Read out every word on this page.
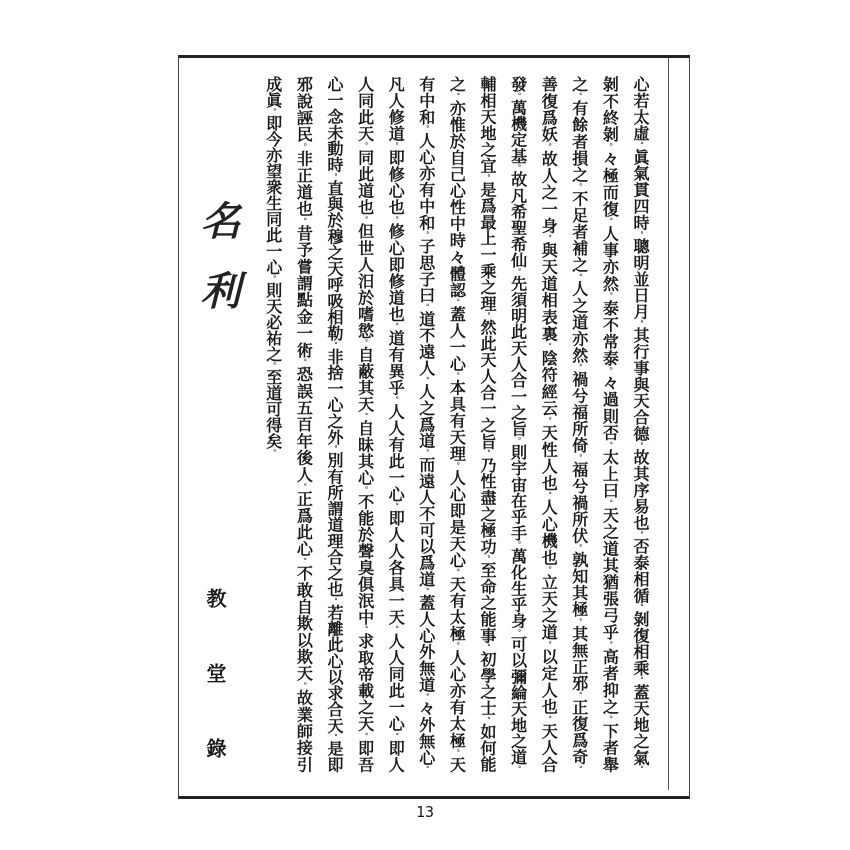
心若太虛。眞氣貫四時。聰明並日月。其行事與天合德。故其序易也。否泰相循。剝復相乘。蓋天地之氣。
剝不終剝。々極而復。人事亦然。泰不常泰。々過則否。太上曰。天之道其猶張弓乎。高者抑之。下者舉
之。有餘者損之。不足者補之。人之道亦然。禍兮福所倚。福兮禍所伏。孰知其極。其無正邪。正復爲奇。
善復爲妖。故人之一身。與天道相表裏。陰符經云。天性人也。人心機也。立天之道。以定人也。天人合
發。萬機定基。故凡希聖希仙。先須明此天人合一之旨。則宇宙在乎手。萬化生乎身。可以彌綸天地之道。
輔相天地之宜。是爲最上一乘之理。然此天人合一之旨。乃性盡之極功。至命之能事。初學之士。如何能
之。亦惟於自己心性中時々體認。蓋人一心。本具有天理。人心即是天心。天有太極。人心亦有太極。天
有中和。人心亦有中和。子思子曰。道不遠人。人之爲道。而遠人不可以爲道。蓋人心外無道。々外無心。
凡人修道。即修心也。修心即修道也。道有異乎。人人有此一心。即人人各具一天。人人同此一心。即人
人同此天。同此道也。但世人汨於嗜慾。自蔽其天。自昧其心。不能於聲臭俱泯中。求取帝載之天。即吾
心一念未動時。直與於穆之天呼吸相勒。非捨一心之外。別有所謂道理合之也。若離此心以求合天。是即
邪說誣民。非正道也。昔予嘗謂點金一術。恐誤五百年後人。正爲此心。不敢自欺以欺天。故業師接引
成眞。即今亦望衆生同此一心。則天必祐之。至道可得矣。
名利
教堂錄
13
